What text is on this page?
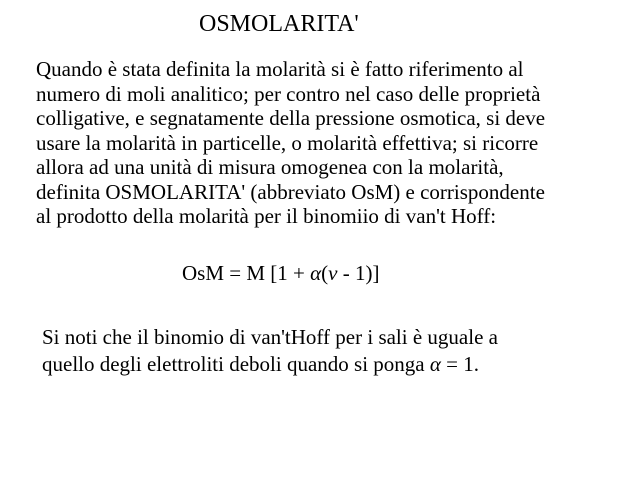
OSMOLARITA'
Quando è stata definita la molarità si è fatto riferimento al
numero di moli analitico; per contro nel caso delle proprietà
colligative, e segnatamente della pressione osmotica, si deve
usare la molarità in particelle, o molarità effettiva; si ricorre
allora ad una unità di misura omogenea con la molarità,
definita OSMOLARITA' (abbreviato OsM) e corrispondente
al prodotto della molarità per il binomiio di van't Hoff:
OsM = M [1 + α(ν - 1)]
Si noti che il binomio di van'tHoff per i sali è uguale a
quello degli elettroliti deboli quando si ponga α = 1.
